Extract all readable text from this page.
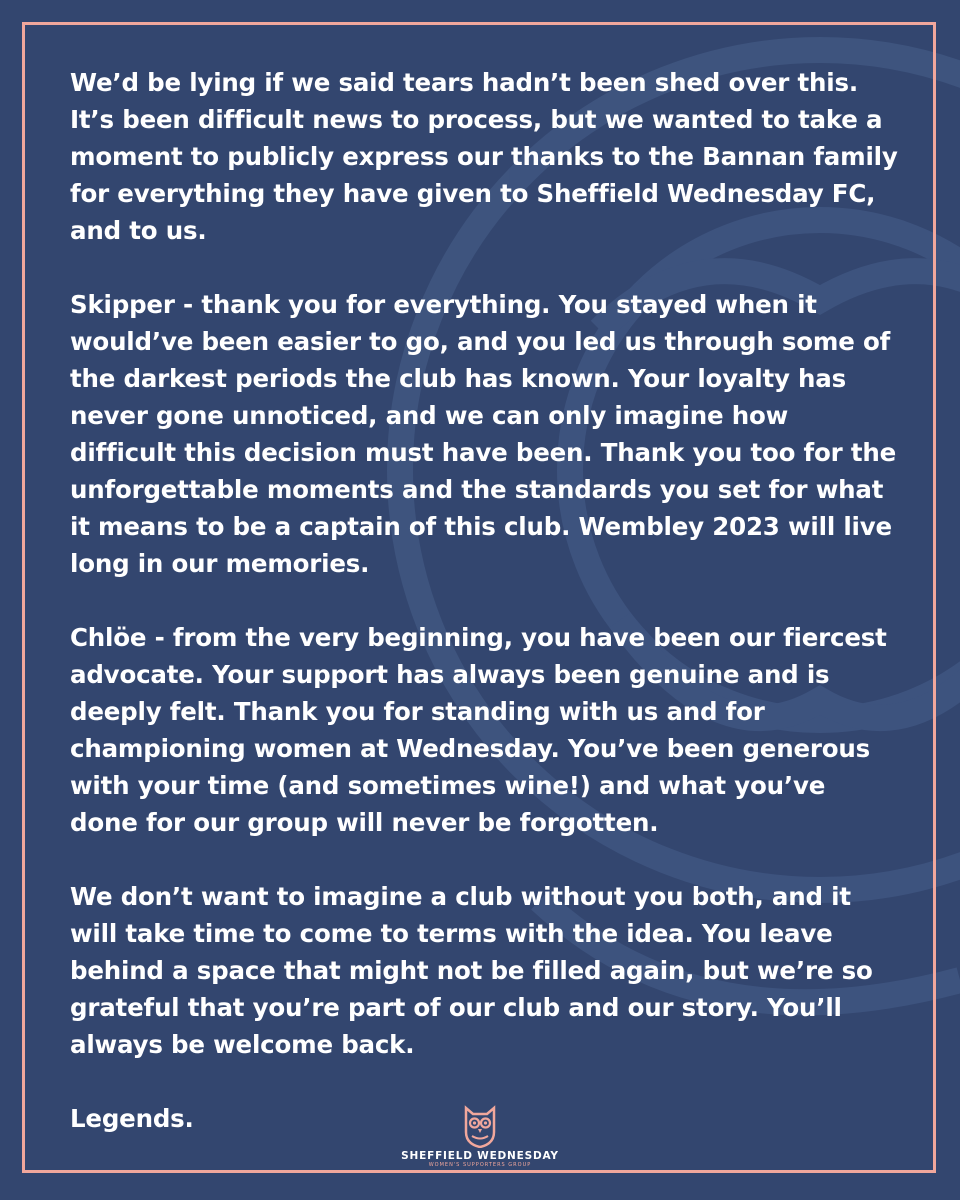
We’d be lying if we said tears hadn’t been shed over this. It’s been difficult news to process, but we wanted to take a moment to publicly express our thanks to the Bannan family for everything they have given to Sheffield Wednesday FC, and to us.

Skipper - thank you for everything. You stayed when it would’ve been easier to go, and you led us through some of the darkest periods the club has known. Your loyalty has never gone unnoticed, and we can only imagine how difficult this decision must have been. Thank you too for the unforgettable moments and the standards you set for what it means to be a captain of this club. Wembley 2023 will live long in our memories.

Chlöe - from the very beginning, you have been our fiercest advocate. Your support has always been genuine and is deeply felt. Thank you for standing with us and for championing women at Wednesday. You’ve been generous with your time (and sometimes wine!) and what you’ve done for our group will never be forgotten.

We don’t want to imagine a club without you both, and it will take time to come to terms with the idea. You leave behind a space that might not be filled again, but we’re so grateful that you’re part of our club and our story. You’ll always be welcome back.

Legends.

SHEFFIELD WEDNESDAY
WOMEN'S SUPPORTERS GROUP
